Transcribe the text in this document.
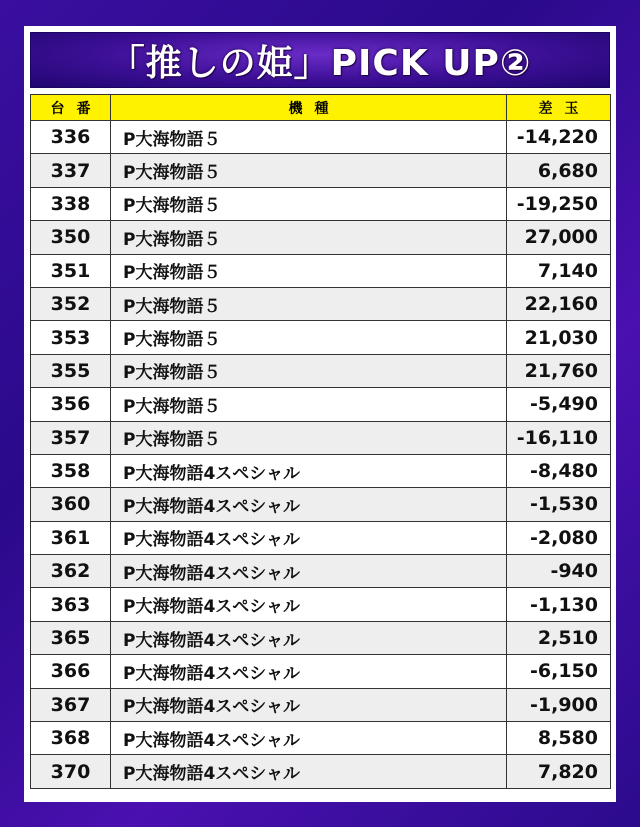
「推しの姫」PICK UP②
台番	機種	差玉
336	P大海物語５	-14,220
337	P大海物語５	6,680
338	P大海物語５	-19,250
350	P大海物語５	27,000
351	P大海物語５	7,140
352	P大海物語５	22,160
353	P大海物語５	21,030
355	P大海物語５	21,760
356	P大海物語５	-5,490
357	P大海物語５	-16,110
358	P大海物語4スペシャル	-8,480
360	P大海物語4スペシャル	-1,530
361	P大海物語4スペシャル	-2,080
362	P大海物語4スペシャル	-940
363	P大海物語4スペシャル	-1,130
365	P大海物語4スペシャル	2,510
366	P大海物語4スペシャル	-6,150
367	P大海物語4スペシャル	-1,900
368	P大海物語4スペシャル	8,580
370	P大海物語4スペシャル	7,820
